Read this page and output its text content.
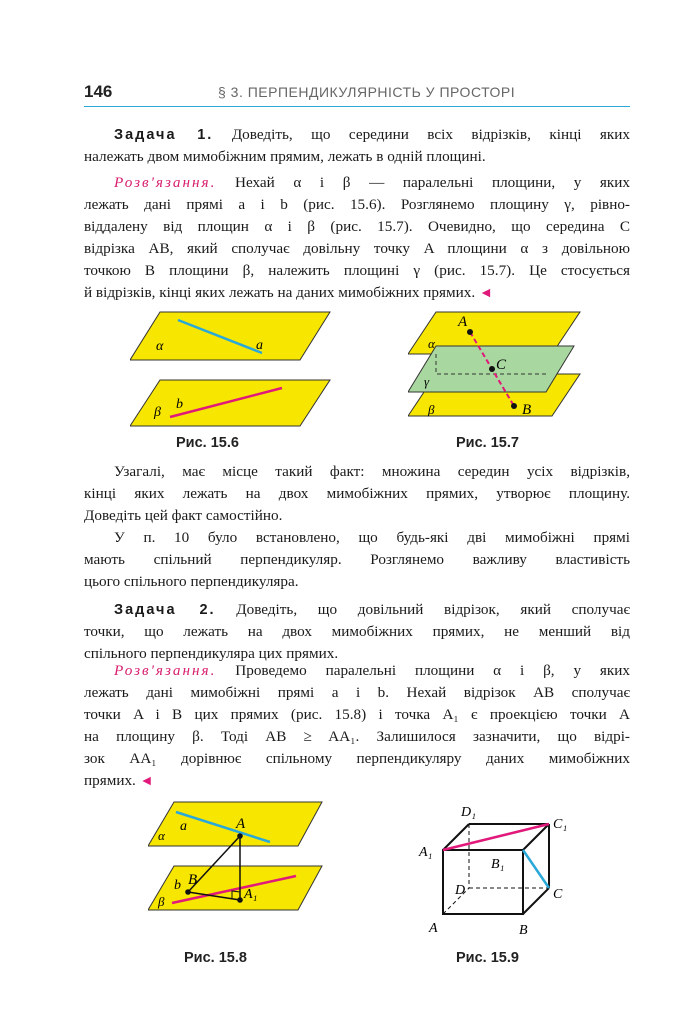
146	§ 3. ПЕРПЕНДИКУЛЯРНІСТЬ У ПРОСТОРІ
Задача 1. Доведіть, що середини всіх відрізків, кінці яких
належать двом мимобіжним прямим, лежать в одній площині.
Розв'язання. Нехай α і β — паралельні площини, у яких
лежать дані прямі a і b (рис. 15.6). Розглянемо площину γ, рівно-
віддалену від площин α і β (рис. 15.7). Очевидно, що середина C
відрізка AB, який сполучає довільну точку A площини α з довільною
точкою B площини β, належить площині γ (рис. 15.7). Це стосується
й відрізків, кінці яких лежать на даних мимобіжних прямих. ◄
α	a
β
b
Рис. 15.6
A
α
C
γ
β	B
Рис. 15.7
Узагалі, має місце такий факт: множина середин усіх відрізків,
кінці яких лежать на двох мимобіжних прямих, утворює площину.
Доведіть цей факт самостійно.
У п. 10 було встановлено, що будь-які дві мимобіжні прямі
мають спільний перпендикуляр. Розглянемо важливу властивість
цього спільного перпендикуляра.
Задача 2. Доведіть, що довільний відрізок, який сполучає
точки, що лежать на двох мимобіжних прямих, не менший від
спільного перпендикуляра цих прямих.
Розв'язання. Проведемо паралельні площини α і β, у яких
лежать дані мимобіжні прямі a і b. Нехай відрізок AB сполучає
точки A і B цих прямих (рис. 15.8) і точка A₁ є проекцією точки A
на площину β. Тоді AB ≥ AA₁. Залишилося зазначити, що відрі-
зок AA₁ дорівнює спільному перпендикуляру даних мимобіжних
прямих. ◄
a	A
α
b B
A₁
β
Рис. 15.8
D₁
C₁
A₁
B₁
D	C
A	B
Рис. 15.9
